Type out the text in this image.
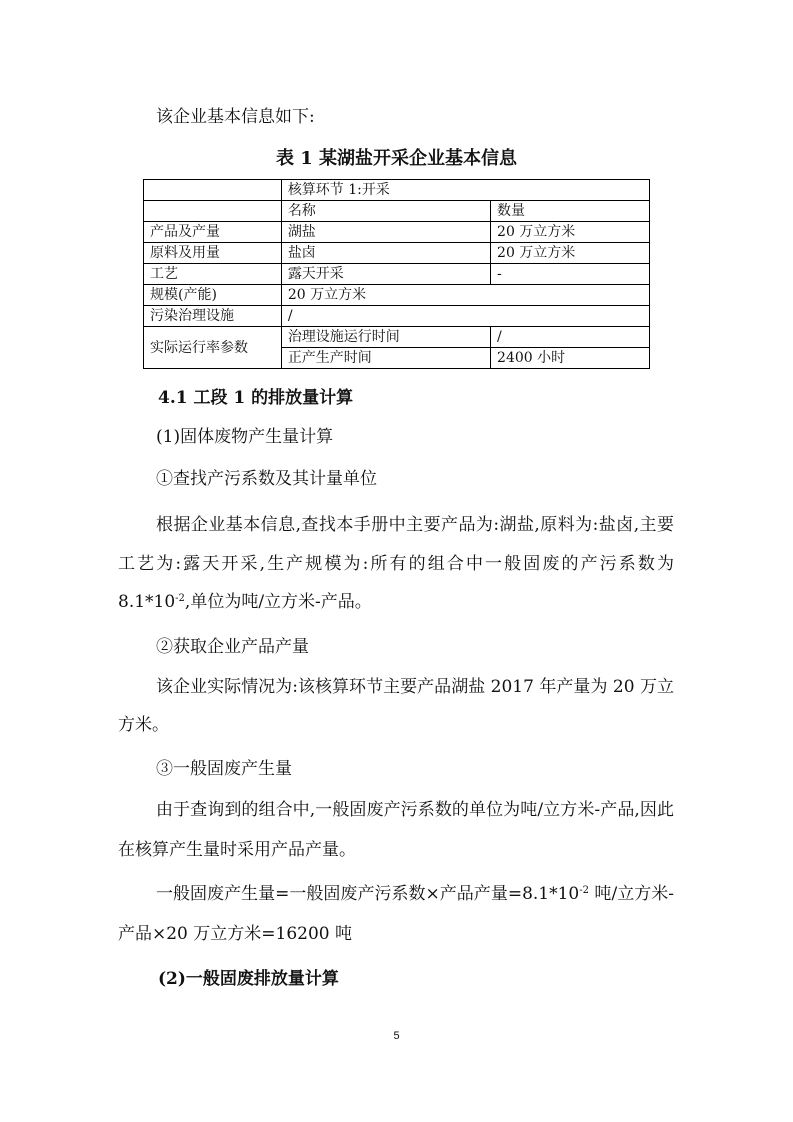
该企业基本信息如下:

表 1 某湖盐开采企业基本信息

	核算环节 1:开采	
	名称	数量
产品及产量	湖盐	20 万立方米
原料及用量	盐卤	20 万立方米
工艺	露天开采	-
规模(产能)	20 万立方米	
污染治理设施	/	
实际运行率参数	治理设施运行时间	/
	正产生产时间	2400 小时

4.1 工段 1 的排放量计算

(1)固体废物产生量计算

①查找产污系数及其计量单位

根据企业基本信息,查找本手册中主要产品为:湖盐,原料为:盐卤,主要工艺为:露天开采,生产规模为:所有的组合中一般固废的产污系数为 $8.1*10^{-2}$,单位为吨/立方米-产品。

②获取企业产品产量

该企业实际情况为:该核算环节主要产品湖盐 2017 年产量为 20 万立方米。

③一般固废产生量

由于查询到的组合中,一般固废产污系数的单位为吨/立方米-产品,因此在核算产生量时采用产品产量。

一般固废产生量=一般固废产污系数×产品产量$=8.1*10^{-2}$ 吨/立方米-产品×20 万立方米=16200 吨

(2)一般固废排放量计算

5
